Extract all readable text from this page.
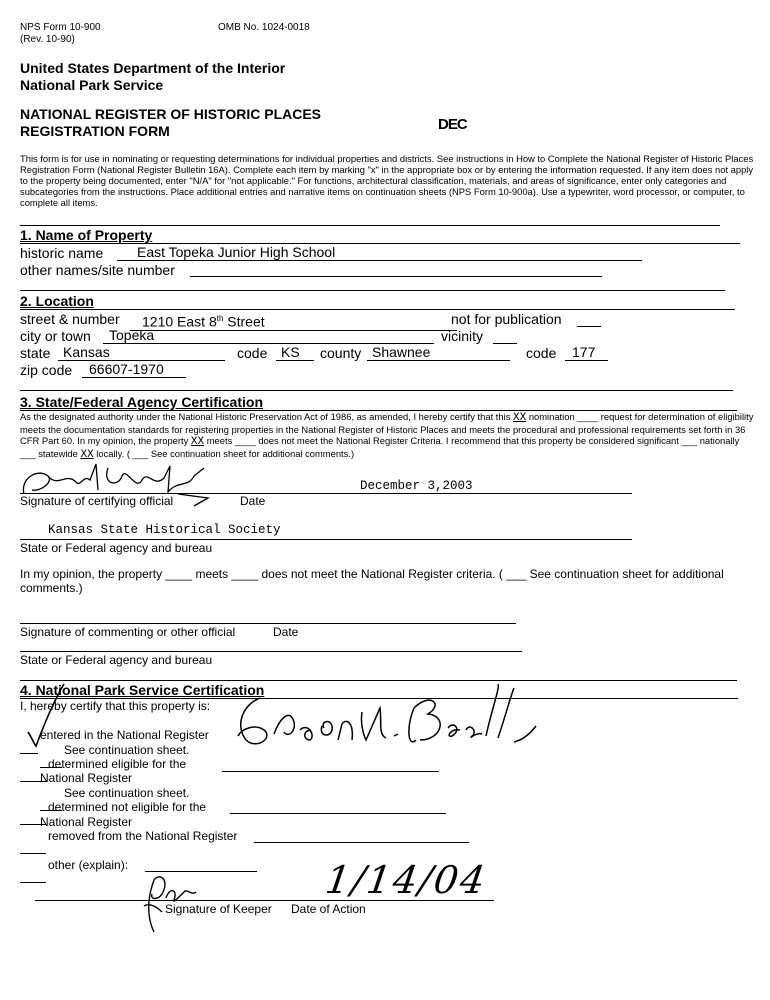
NPS Form 10-900
(Rev. 10-90)
OMB No. 1024-0018
United States Department of the Interior
National Park Service
NATIONAL REGISTER OF HISTORIC PLACES
REGISTRATION FORM	DEC
This form is for use in nominating or requesting determinations for individual properties and districts. See instructions in How to Complete the National Register of Historic Places Registration Form (National Register Bulletin 16A). Complete each item by marking "x" in the appropriate box or by entering the information requested. If any item does not apply to the property being documented, enter "N/A" for "not applicable." For functions, architectural classification, materials, and areas of significance, enter only categories and subcategories from the instructions. Place additional entries and narrative items on continuation sheets (NPS Form 10-900a). Use a typewriter, word processor, or computer, to complete all items.
1. Name of Property
historic name	East Topeka Junior High School
other names/site number
2. Location
street & number	1210 East 8th Street	not for publication
city or town	Topeka	vicinity
state Kansas	code KS	county Shawnee	code	177
zip code	66607-1970
3. State/Federal Agency Certification
As the designated authority under the National Historic Preservation Act of 1986, as amended, I hereby certify that this XX nomination ____ request for determination of eligibility meets the documentation standards for registering properties in the National Register of Historic Places and meets the procedural and professional requirements set forth in 36 CFR Part 60. In my opinion, the property XX meets ____ does not meet the National Register Criteria. I recommend that this property be considered significant ___ nationally ___ statewide XX locally. ( ___ See continuation sheet for additional comments.)
December 3,2003
Signature of certifying official	Date
Kansas State Historical Society
State or Federal agency and bureau
In my opinion, the property ____ meets ____ does not meet the National Register criteria. ( ___ See continuation sheet for additional comments.)
Signature of commenting or other official	Date
State or Federal agency and bureau
4. National Park Service Certification
I, hereby certify that this property is:
entered in the National Register
See continuation sheet.
determined eligible for the
National Register
See continuation sheet.
determined not eligible for the
National Register
removed from the National Register
other (explain):
Signature of Keeper Date of Action
1/14/04
